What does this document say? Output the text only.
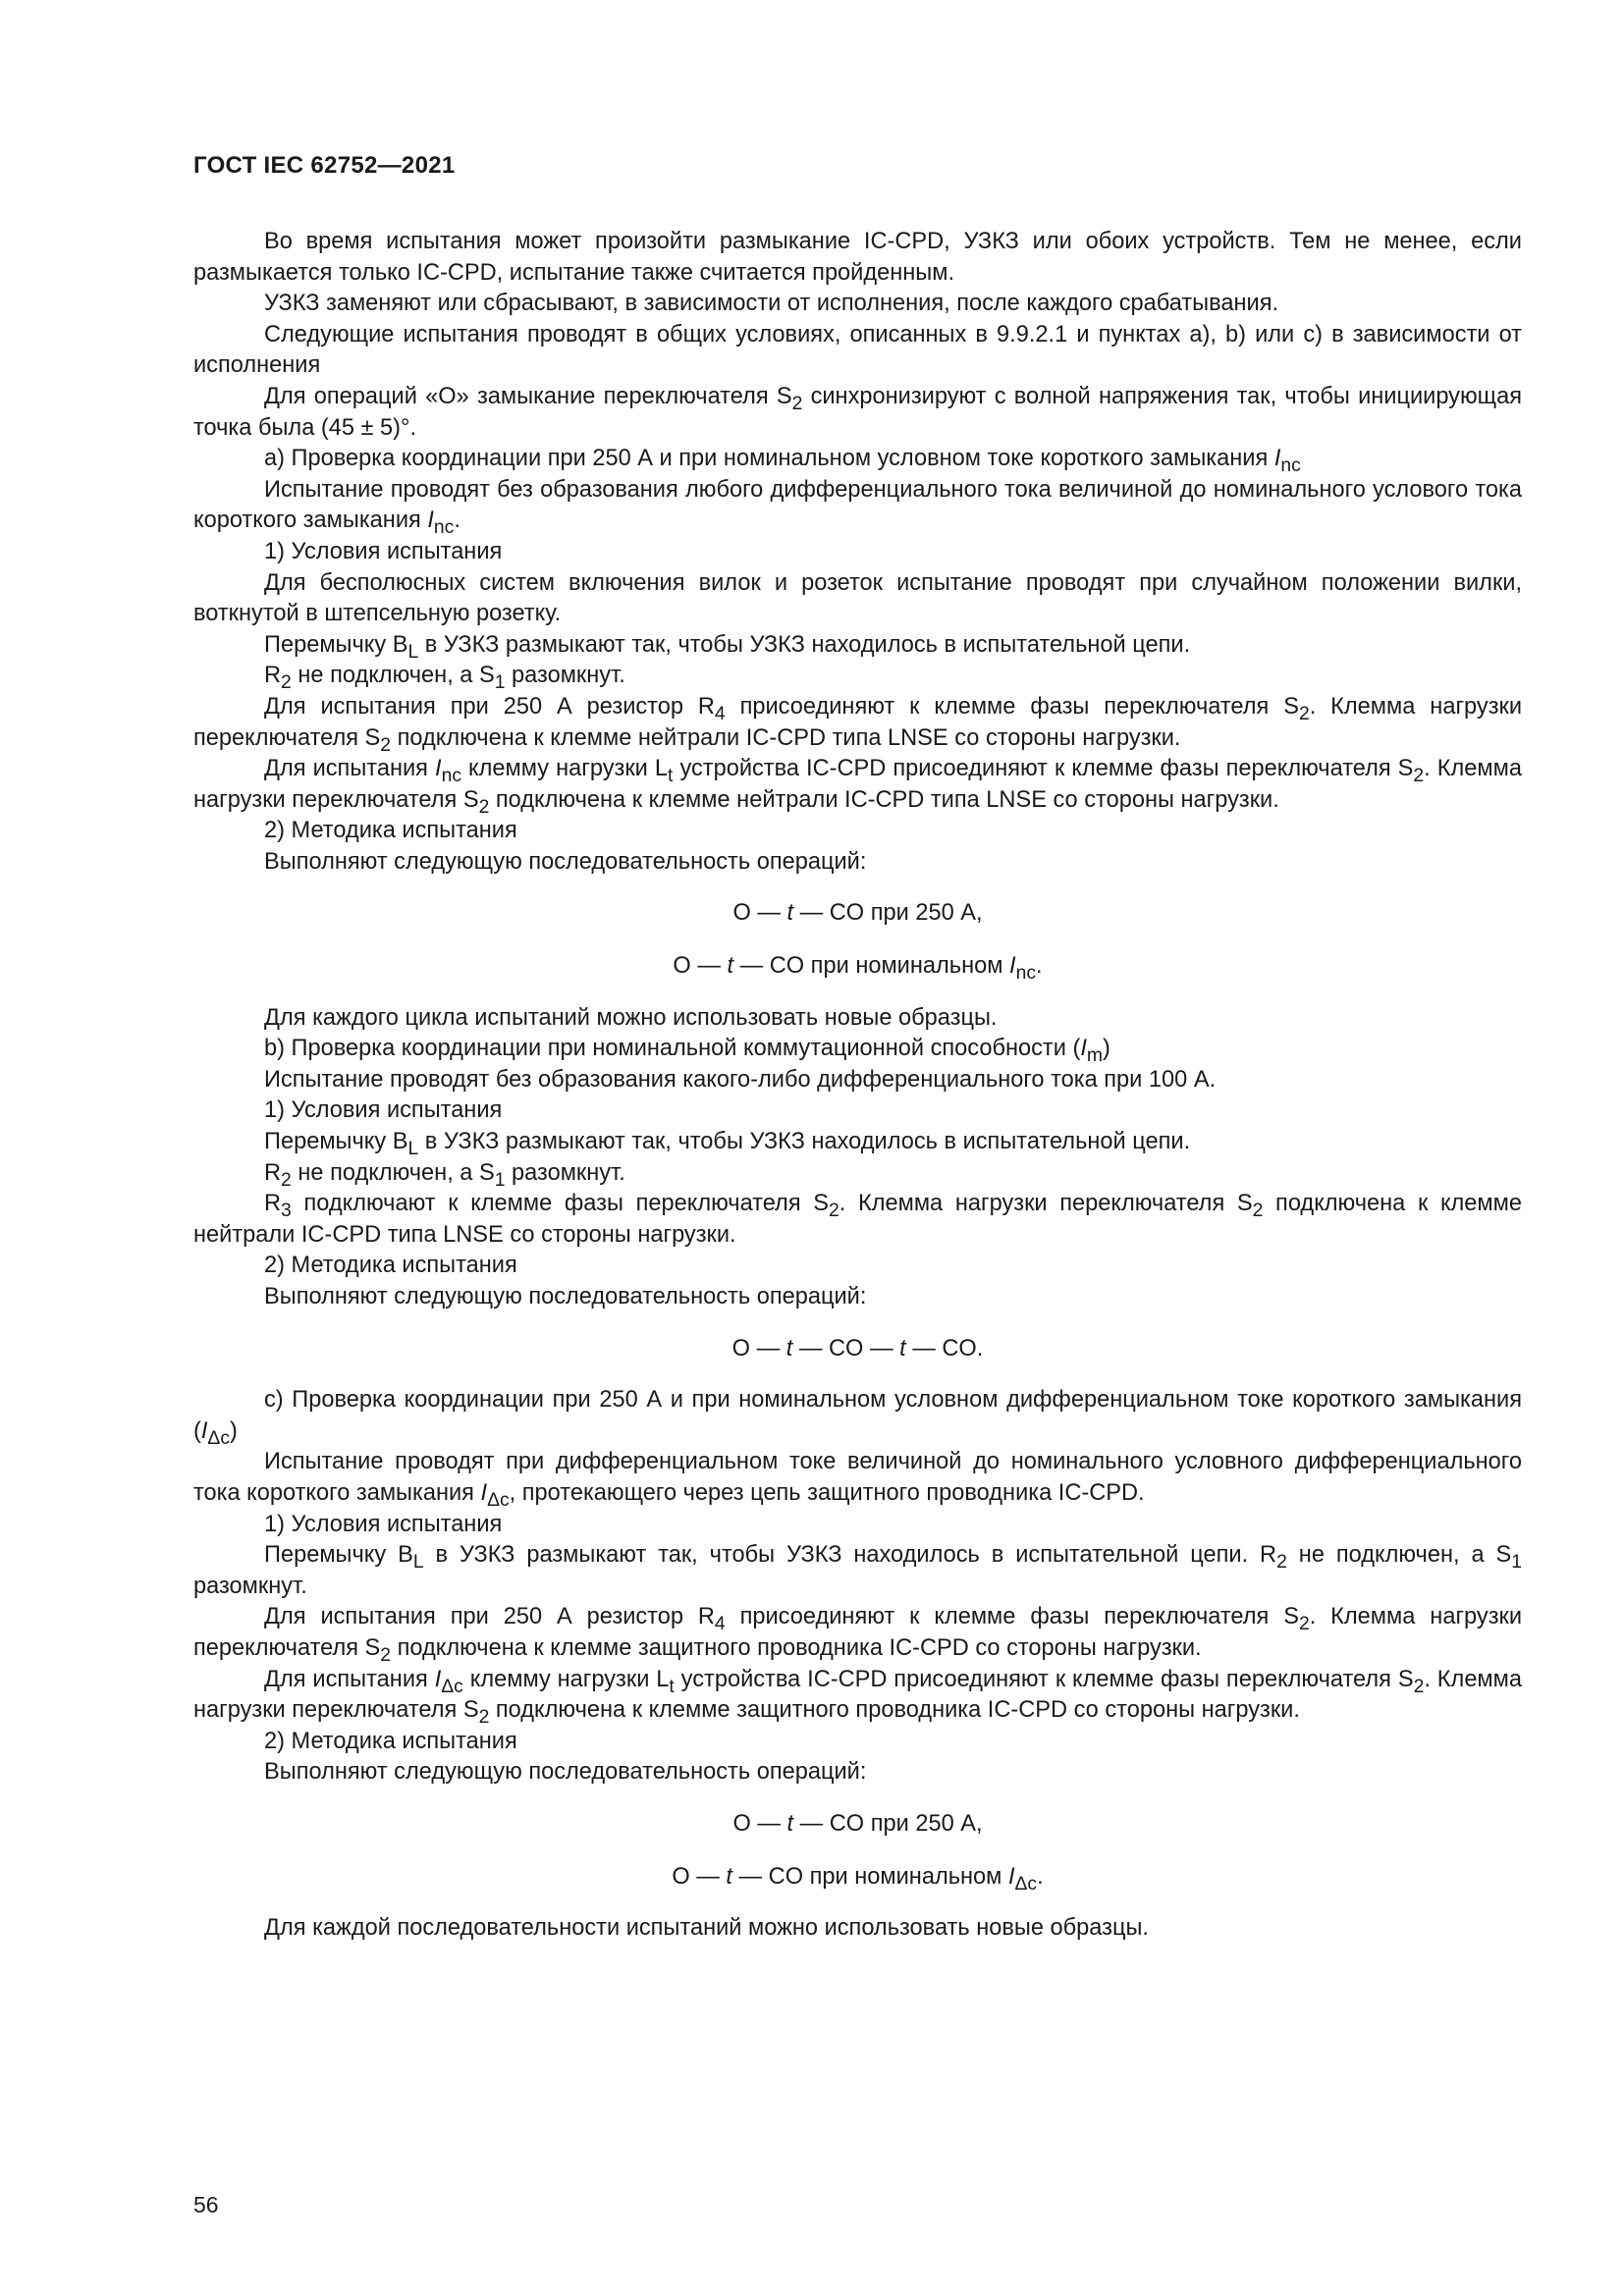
ГОСТ IEC 62752—2021

Во время испытания может произойти размыкание IC-CPD, УЗКЗ или обоих устройств. Тем не менее, если размыкается только IC-CPD, испытание также считается пройденным.

УЗКЗ заменяют или сбрасывают, в зависимости от исполнения, после каждого срабатывания.

Следующие испытания проводят в общих условиях, описанных в 9.9.2.1 и пунктах a), b) или c) в зависимости от исполнения

Для операций «О» замыкание переключателя $S_2$ синхронизируют с волной напряжения так, чтобы инициирующая точка была (45 ± 5)°.

a) Проверка координации при 250 А и при номинальном условном токе короткого замыкания $I_{nc}$

Испытание проводят без образования любого дифференциального тока величиной до номинального услового тока короткого замыкания $I_{nc}$.

1) Условия испытания

Для бесполюсных систем включения вилок и розеток испытание проводят при случайном положении вилки, воткнутой в штепсельную розетку.

Перемычку $B_L$ в УЗКЗ размыкают так, чтобы УЗКЗ находилось в испытательной цепи.

$R_2$ не подключен, а $S_1$ разомкнут.

Для испытания при 250 А резистор $R_4$ присоединяют к клемме фазы переключателя $S_2$. Клемма нагрузки переключателя $S_2$ подключена к клемме нейтрали IC-CPD типа LNSE со стороны нагрузки.

Для испытания $I_{nc}$ клемму нагрузки $L_t$ устройства IC-CPD присоединяют к клемме фазы переключателя $S_2$. Клемма нагрузки переключателя $S_2$ подключена к клемме нейтрали IC-CPD типа LNSE со стороны нагрузки.

2) Методика испытания

Выполняют следующую последовательность операций:

O — t — CO при 250 А,

O — t — CO при номинальном $I_{nc}$.

Для каждого цикла испытаний можно использовать новые образцы.

b) Проверка координации при номинальной коммутационной способности $(I_m)$

Испытание проводят без образования какого-либо дифференциального тока при 100 А.

1) Условия испытания

Перемычку $B_L$ в УЗКЗ размыкают так, чтобы УЗКЗ находилось в испытательной цепи.

$R_2$ не подключен, а $S_1$ разомкнут.

$R_3$ подключают к клемме фазы переключателя $S_2$. Клемма нагрузки переключателя $S_2$ подключена к клемме нейтрали IC-CPD типа LNSE со стороны нагрузки.

2) Методика испытания

Выполняют следующую последовательность операций:

O — t — CO — t — CO.

c) Проверка координации при 250 А и при номинальном условном дифференциальном токе короткого замыкания $(I_{\Delta c})$

Испытание проводят при дифференциальном токе величиной до номинального условного дифференциального тока короткого замыкания $I_{\Delta c}$, протекающего через цепь защитного проводника IC-CPD.

1) Условия испытания

Перемычку $B_L$ в УЗКЗ размыкают так, чтобы УЗКЗ находилось в испытательной цепи. $R_2$ не подключен, а $S_1$ разомкнут.

Для испытания при 250 А резистор $R_4$ присоединяют к клемме фазы переключателя $S_2$. Клемма нагрузки переключателя $S_2$ подключена к клемме защитного проводника IC-CPD со стороны нагрузки.

Для испытания $I_{\Delta c}$ клемму нагрузки $L_t$ устройства IC-CPD присоединяют к клемме фазы переключателя $S_2$. Клемма нагрузки переключателя $S_2$ подключена к клемме защитного проводника IC-CPD со стороны нагрузки.

2) Методика испытания

Выполняют следующую последовательность операций:

O — t — CO при 250 А,

O — t — CO при номинальном $I_{\Delta c}$.

Для каждой последовательности испытаний можно использовать новые образцы.

56
